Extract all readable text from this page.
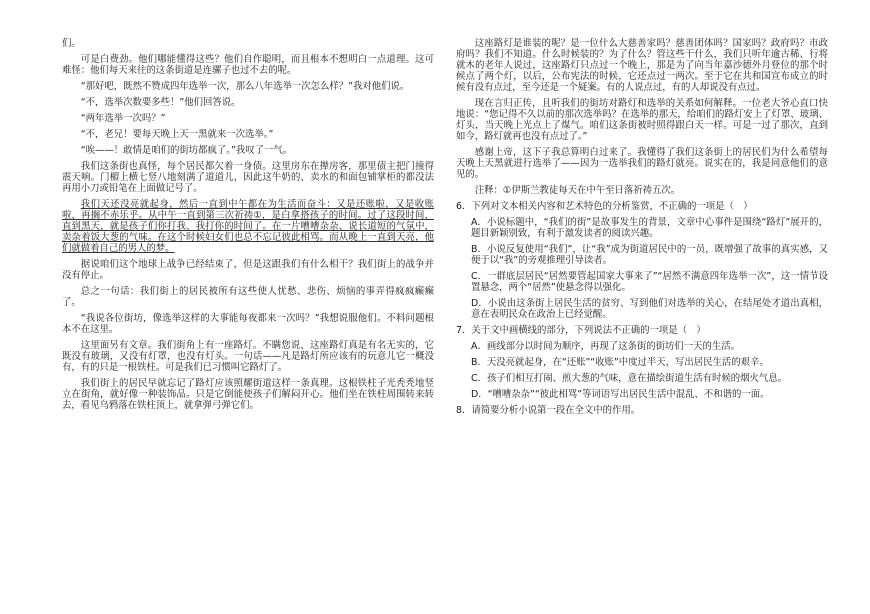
们。

可是白费劲。他们哪能懂得这些？他们自作聪明，而且根本不想明白一点道理。这可难怪：他们每天来往的这条街道是连骡子也过不去的呢。

“那好吧，既然不赞成四年选举一次，那么八年选举一次怎么样？”我对他们说。

“不，选举次数要多些！”他们回答说。

“两年选举一次吗？”

“不，老兄！要每天晚上天一黑就来一次选举。”

“唉——！敢情是咱们的街坊都疯了。”我叹了一气。

我们这条街也真怪，每个居民都欠着一身债。这里房东在撵房客，那里债主把门撞得震天响。门楣上横七竖八地刻满了道道儿，因此这牛奶的、卖水的和面包铺掌柜的都没法再用小刀或铅笔在上面做记号了。

我们天还没亮就起身，然后一直到中午都在为生活而奋斗：又是还账啦，又是收账啦，再搁不赤乐乎。从中午一直到第三次祈祷①，是白拿搭孩子的时间。过了这段时间，直到黑天，就是孩子们你打我、我打你的时间了。在一片嘈嘈杂杂、说长道短的气氛中，卖杂着饭大葱的气味。在这个时候妇女们也总不忘记彼此相骂。而从晚上一直到天亮，他们就做着自己的男人的梦。

据说咱们这个地球上战争已经结束了，但是这跟我们有什么相干？我们街上的战争并没有停止。

总之一句话：我们街上的居民被所有这些使人忧愁、悲伤、烦恼的事弄得疯疯癫癫了。

“我说各位街坊，像选举这样的大事能每夜都来一次吗？”我想说服他们。不料问题根本不在这里。

这里面另有文章。我们街角上有一座路灯。不瞒您说，这座路灯真是有名无实的，它既没有玻璃，又没有灯罩，也没有灯头。一句话——凡是路灯所应该有的玩意儿它一概没有，有的只是一根铁柱。可是我们已习惯叫它路灯了。

我们街上的居民早就忘记了路灯应该照耀街道这样一条真理。这根铁柱子光秃秃地竖立在街角，就好像一种装饰品。只是它倒能使孩子们解闷开心。他们坐在铁柱周围转来转去，看见乌鸦落在铁柱顶上，就拿弹弓弹它们。

这座路灯是谁装的呢？是一位什么大慈善家吗？慈善团体吗？国家吗？政府吗？市政府吗？我们不知道。什么时候装的？为了什么？管这些干什么，我们只听年逾古稀、行将就木的老年人说过，这座路灯只点过一个晚上，那是为了向当年嘉沙德外月登位的那个时候点了两个灯，以后，公布宪法的时候，它还点过一两次。至于它在共和国宣布成立的时候有没有点过，至今还是一个疑案。有的人说点过，有的人却说没有点过。

现在言归正传，且听我们的街坊对路灯和选举的关系如何解释。一位老大爷心直口快地说：“您记得不久以前的那次选举吗？在选举的那天，给咱们的路灯安上了灯罩、玻璃、灯头，当天晚上光点上了煤气。咱们这条街被时照得跟白天一样。可是一过了那次，直到如今，路灯就再也没有点过了。”

感谢上帝，这下子我总算明白过来了。我懂得了我们这条街上的居民们为什么希望每天晚上天黑就进行选举了——因为一选举我们的路灯就亮。说实在的，我是同意他们的意见的。

注释：①伊斯兰教徒每天在中午至日落祈祷五次。

6．下列对文本相关内容和艺术特色的分析鉴赏，不正确的一项是（　）

A．小说标题中，“我们的街”是故事发生的背景，文章中心事件是围绕“路灯”展开的，题目新颖别致，有利于激发读者的阅读兴趣。

B．小说反复使用“我们”，让“我”成为街道居民中的一员，既增强了故事的真实感，又便于以“我”的旁观推理引导读者。

C．一群底层居民“居然要管起国家大事来了”“居然不满意四年选举一次”，这一情节设置悬念，两个“居然”使悬念得以强化。

D．小说由这条街上居民生活的贫穷、写到他们对选举的关心，在结尾处才道出真相，意在表明民众在政治上已经觉醒。

7．关于文中画横线的部分，下列说法不正确的一项是（　）

A．画线部分以时间为顺序，再现了这条街的街坊们一天的生活。

B．天没亮就起身，在“还账”“收账”中度过半天，写出居民生活的艰辛。

C．孩子们相互打闹、煎大葱的气味，意在描绘街道生活有时候的烟火气息。

D．“嘈嘈杂杂”“彼此相骂”等词语写出居民生活中混乱、不和谐的一面。

8．请简要分析小说第一段在全文中的作用。
